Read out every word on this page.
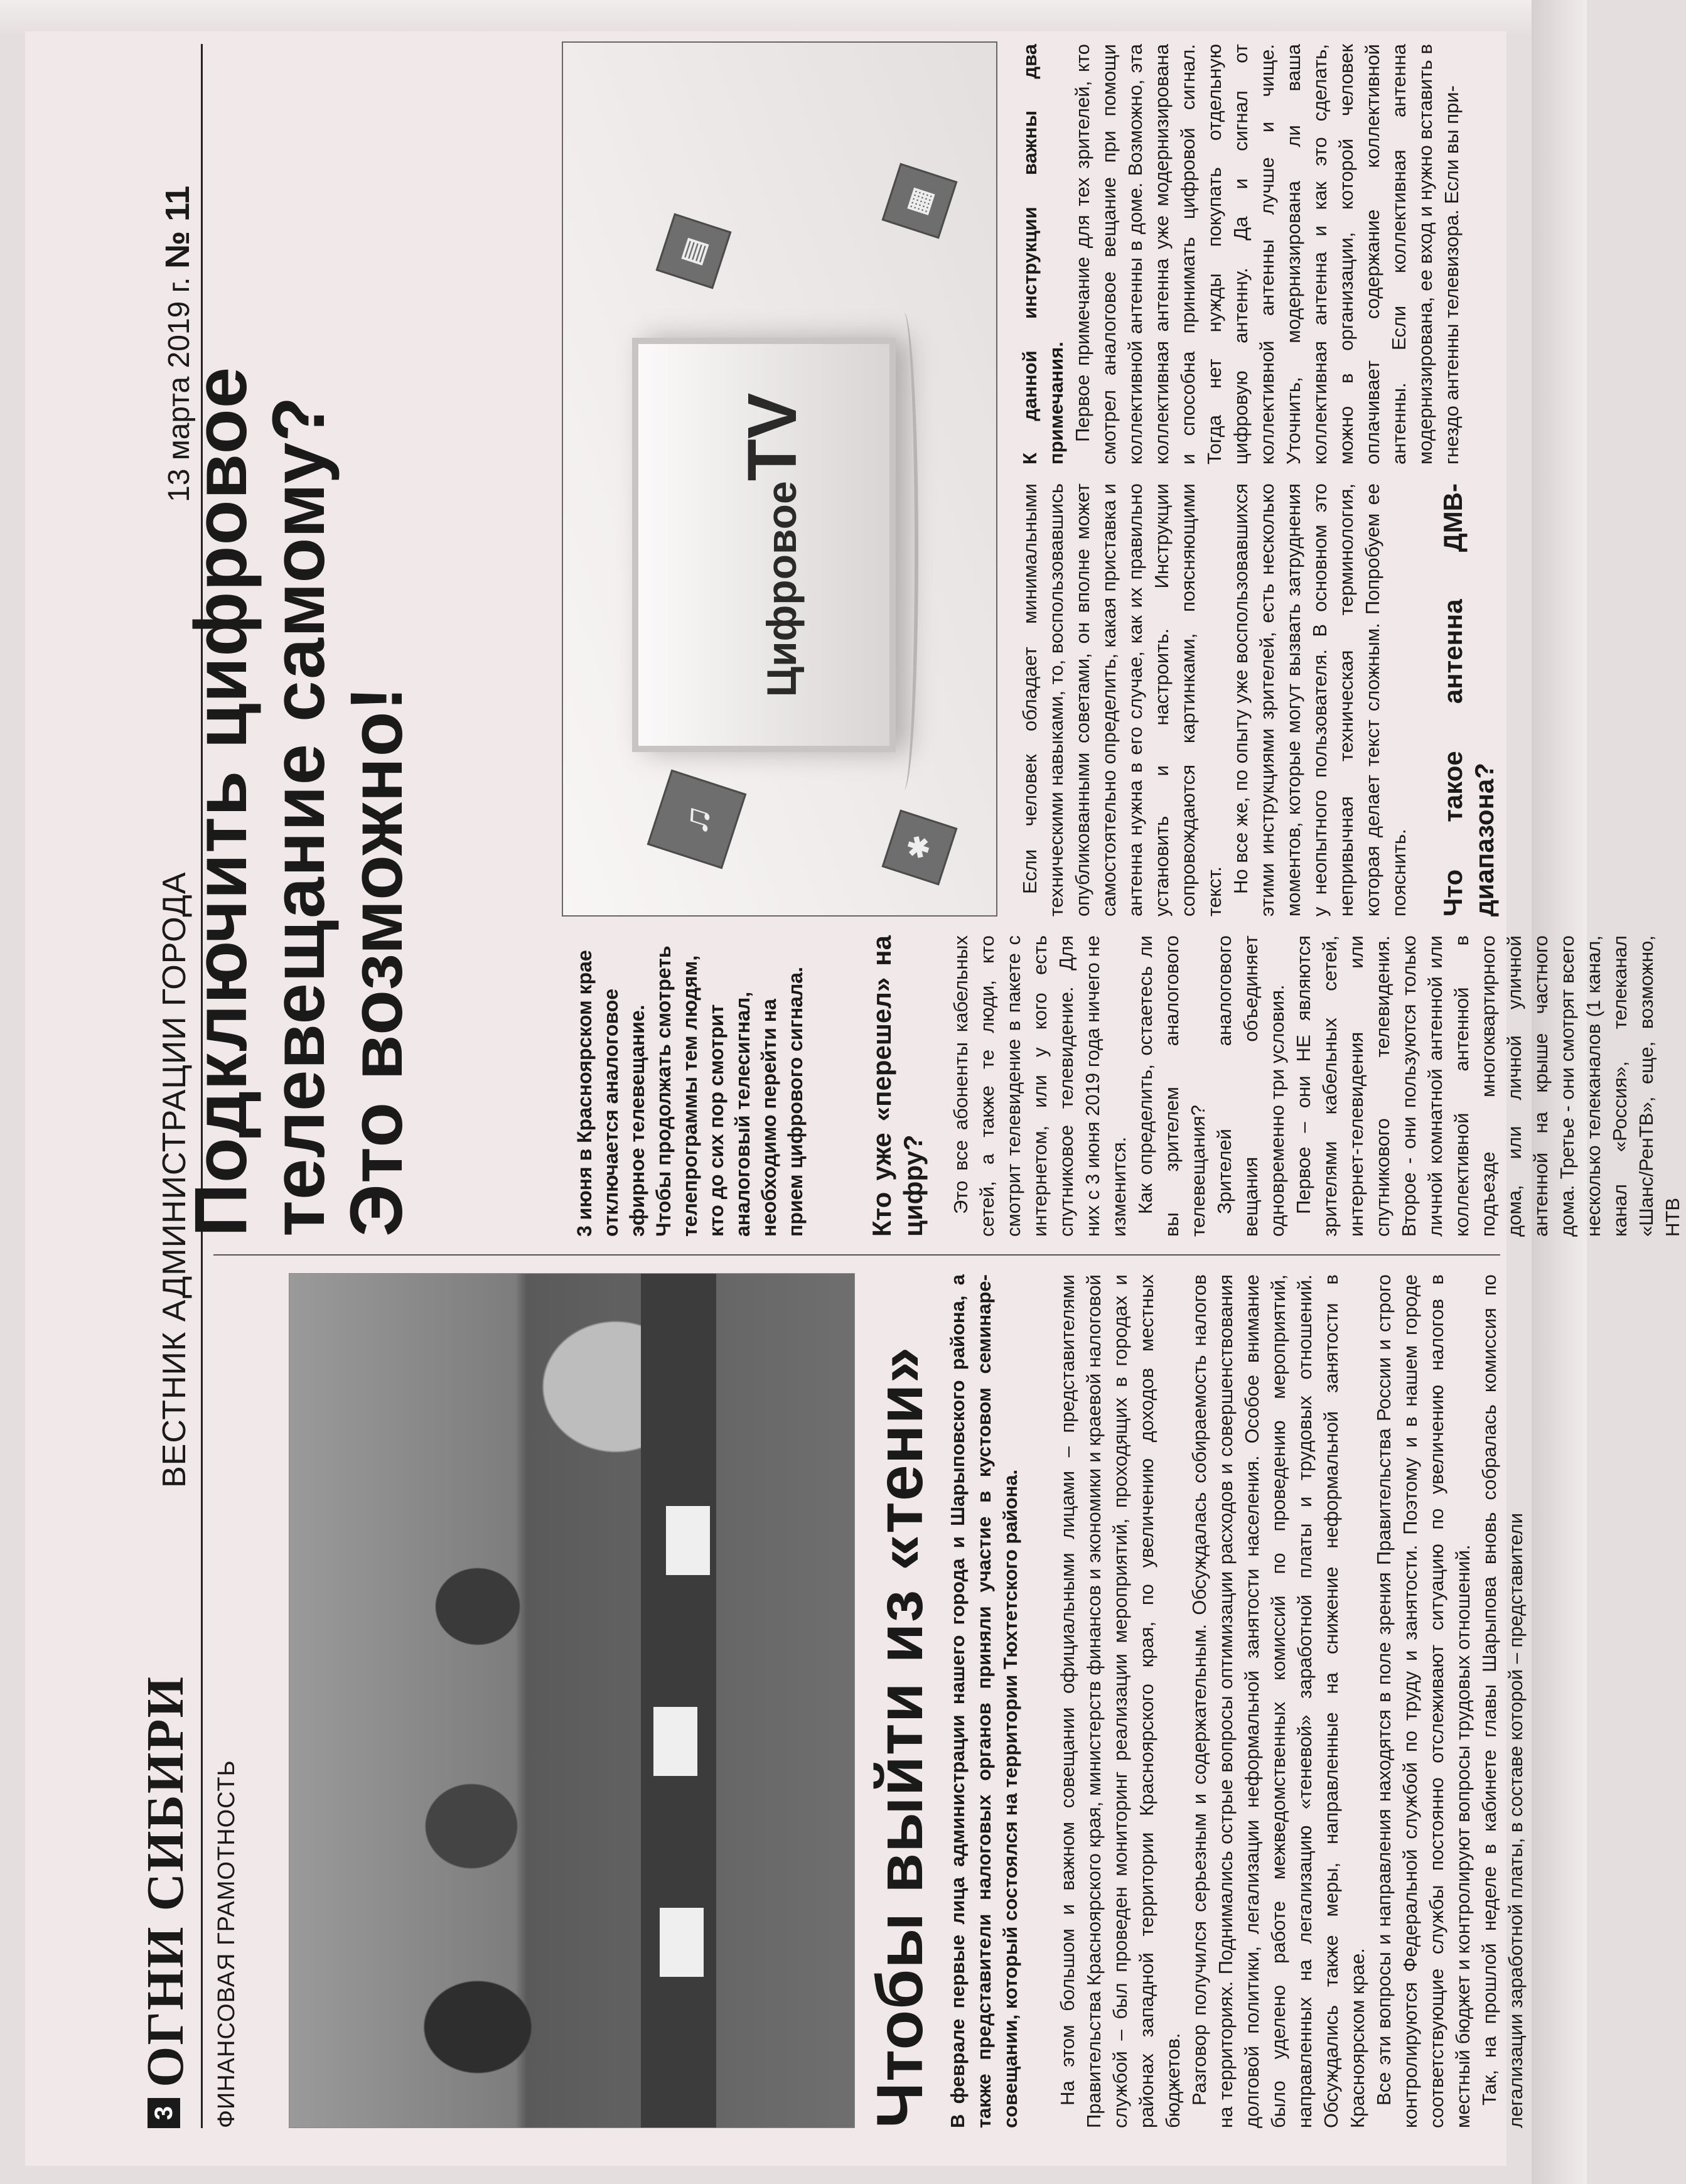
3
ОГНИ СИБИРИ
ВЕСТНИК АДМИНИСТРАЦИИ ГОРОДА
13 марта 2019 г. № 11
ФИНАНСОВАЯ ГРАМОТНОСТЬ	Чтобы выйти из «тени» В феврале первые лица администрации нашего города и Шарыповского района, а также представители налоговых органов приняли участие в кустовом семинаре-совещании, который состоялся на территории Тюхтетского района. На этом большом и важном совещании официальными лицами – представителями Правительства Красноярского края, министерств финансов и экономики и краевой налоговой службой – был проведен мониторинг реализации мероприятий, проходящих в городах и районах западной территории Красноярского края, по увеличению доходов местных бюджетов. Разговор получился серьезным и содержательным. Обсуждалась собираемость налогов на территориях. Поднимались острые вопросы оптимизации расходов и совершенствования долговой политики, легализации неформальной занятости населения. Особое внимание было уделено работе межведомственных комиссий по проведению мероприятий, направленных на легализацию «теневой» заработной платы и трудовых отношений. Обсуждались также меры, направленные на снижение неформальной занятости в Красноярском крае. Все эти вопросы и направления находятся в поле зрения Правительства России и строго контролируются Федеральной службой по труду и занятости. Поэтому и в нашем городе соответствующие службы постоянно отслеживают ситуацию по увеличению налогов в местный бюджет и контролируют вопросы трудовых отношений. Так, на прошлой неделе в кабинете главы Шарыпова вновь собралась комиссия по легализации заработной платы, в составе которой – представители

Подключить цифровое
телевещание самому?
Это возможно!	3 июня в Красноярском крае отключается аналоговое эфирное телевещание. Чтобы продолжать смотреть телепрограммы тем людям, кто до сих пор смотрит аналоговый телесигнал, необходимо перейти на прием цифрового сигнала.
ЦифровоеTV
♫
✱
▦
▤
Кто уже «перешел» на цифру? Это все абоненты кабельных сетей, а также те люди, кто смотрит телевидение в пакете с интернетом, или у кого есть спутниковое телевидение. Для них с 3 июня 2019 года ничего не изменится. Как определить, остаетесь ли вы зрителем аналогового телевещания? Зрителей аналогового вещания объединяет одновременно три условия. Первое – они НЕ являются зрителями кабельных сетей, интернет-телевидения или спутникового телевидения. Второе - они пользуются только личной комнатной антенной или коллективной антенной в подъезде многоквартирного дома, или личной уличной антенной на крыше частного дома. Третье - они смотрят всего несколько телеканалов (1 канал, канал «Россия», телеканал «Шанс/РенТВ», еще, возможно, НТВ

Если человек обладает минимальными техническими навыками, то, воспользовавшись опубликованными советами, он вполне может самостоятельно определить, какая приставка и антенна нужна в его случае, как их правильно установить и настроить. Инструкции сопровождаются картинками, поясняющими текст. Но все же, по опыту уже воспользовавшихся этими инструкциями зрителей, есть несколько моментов, которые могут вызвать затруднения у неопытного пользователя. В основном это непривычная техническая терминология, которая делает текст сложным. Попробуем ее пояснить. Что такое антенна ДМВ-диапазона?
К данной инструкции важны два примечания. Первое примечание для тех зрителей, кто смотрел аналоговое вещание при помощи коллективной антенны в доме. Возможно, эта коллективная антенна уже модернизирована и способна принимать цифровой сигнал. Тогда нет нужды покупать отдельную цифровую антенну. Да и сигнал от коллективной антенны лучше и чище. Уточнить, модернизирована ли ваша коллективная антенна и как это сделать, можно в организации, которой человек оплачивает содержание коллективной антенны. Если коллективная антенна модернизирована, ее вход и нужно вставить в гнездо антенны телевизора. Если вы при-
